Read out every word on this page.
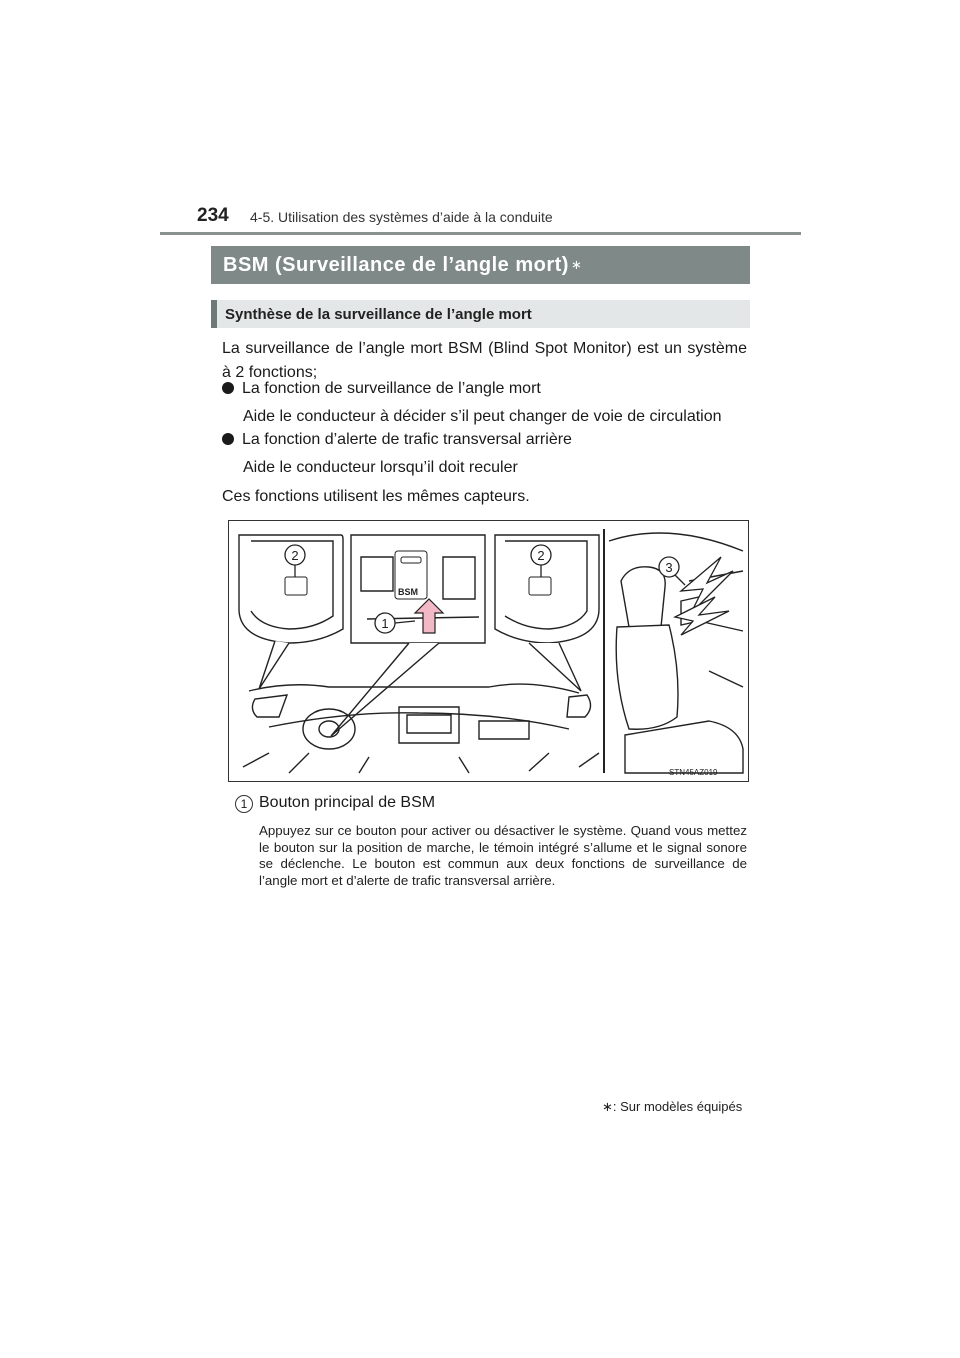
234 4-5. Utilisation des systèmes d’aide à la conduite
BSM (Surveillance de l’angle mort) ∗
Synthèse de la surveillance de l’angle mort
La surveillance de l’angle mort BSM (Blind Spot Monitor) est un système à 2 fonctions;
La fonction de surveillance de l’angle mort
Aide le conducteur à décider s’il peut changer de voie de circulation
La fonction d’alerte de trafic transversal arrière
Aide le conducteur lorsqu’il doit reculer
Ces fonctions utilisent les mêmes capteurs.
BSM
2	2
1
3
STN45AZ019
1 Bouton principal de BSM
Appuyez sur ce bouton pour activer ou désactiver le système. Quand vous mettez le bouton sur la position de marche, le témoin intégré s’allume et le signal sonore se déclenche. Le bouton est commun aux deux fonctions de surveillance de l’angle mort et d’alerte de trafic transversal arrière.
∗: Sur modèles équipés
